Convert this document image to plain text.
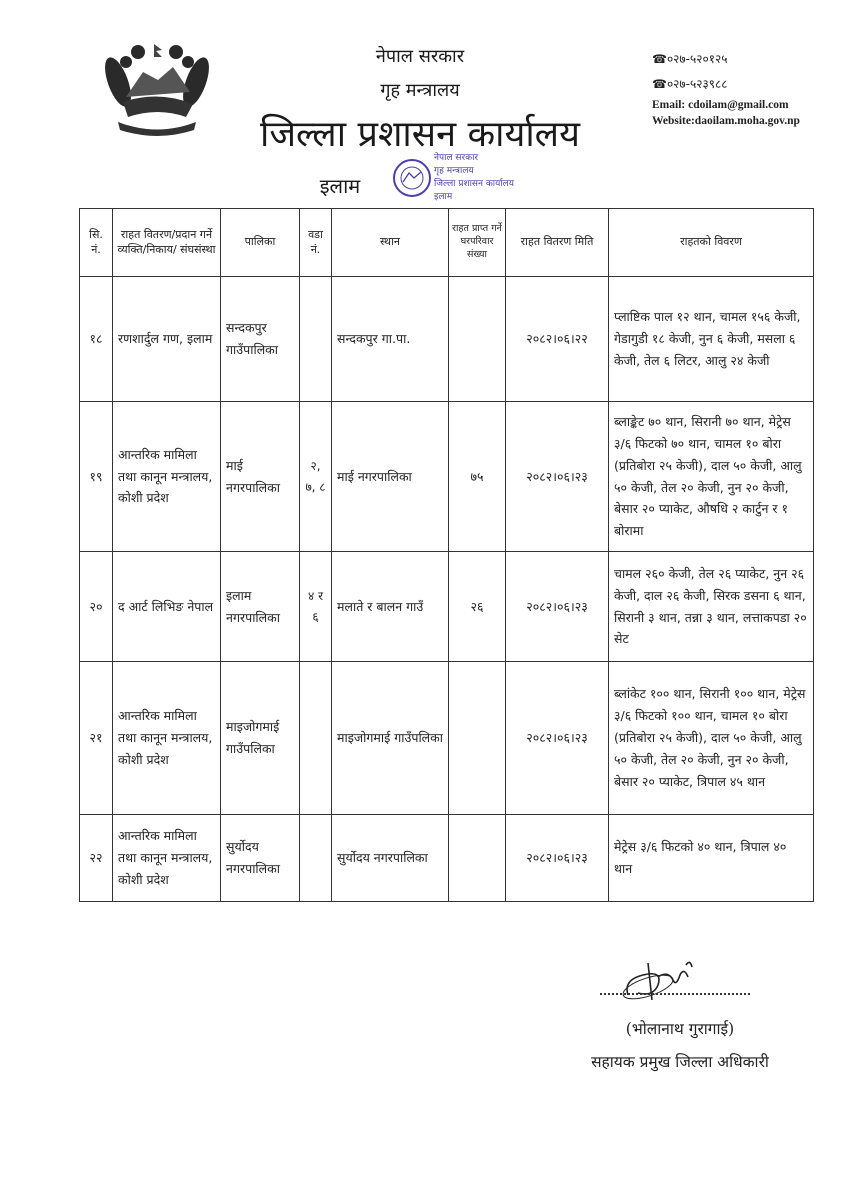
नेपाल सरकार
गृह मन्त्रालय
जिल्ला प्रशासन कार्यालय
इलाम
☎०२७-५२०१२५
☎०२७-५२३९८८
Email: cdoilam@gmail.com
Website:daoilam.moha.gov.np
नेपाल सरकार
गृह मन्त्रालय
जिल्ला प्रशासन कार्यालय
इलाम
सि. नं.	राहत वितरण/प्रदान गर्ने व्यक्ति/निकाय/ संघसंस्था	पालिका	वडा नं.	स्थान	राहत प्राप्त गर्ने घरपरिवार संख्या	राहत वितरण मिति	राहतको विवरण
१८	रणशार्दुल गण, इलाम	सन्दकपुर गाउँपालिका		सन्दकपुर गा.पा.		२०८२।०६।२२	प्लाष्टिक पाल १२ थान, चामल १५६ केजी, गेडागुडी १८ केजी, नुन ६ केजी, मसला ६ केजी, तेल ६ लिटर, आलु २४ केजी
१९	आन्तरिक मामिला तथा कानून मन्त्रालय, कोशी प्रदेश	माई नगरपालिका	२, ७, ८	माई नगरपालिका	७५	२०८२।०६।२३	ब्लाङ्केट ७० थान, सिरानी ७० थान, मेट्रेस ३/६ फिटको ७० थान, चामल १० बोरा (प्रतिबोरा २५ केजी), दाल ५० केजी, आलु ५० केजी, तेल २० केजी, नुन २० केजी, बेसार २० प्याकेट, औषधि २ कार्टुन र १ बोरामा
२०	द आर्ट लिभिङ नेपाल	इलाम नगरपालिका	४ र ६	मलाते र बालन गाउँ	२६	२०८२।०६।२३	चामल २६० केजी, तेल २६ प्याकेट, नुन २६ केजी, दाल २६ केजी, सिरक डसना ६ थान, सिरानी ३ थान, तन्ना ३ थान, लत्ताकपडा २० सेट
२१	आन्तरिक मामिला तथा कानून मन्त्रालय, कोशी प्रदेश	माइजोगमाई गाउँपलिका		माइजोगमाई गाउँपलिका		२०८२।०६।२३	ब्लांकेट १०० थान, सिरानी १०० थान, मेट्रेस ३/६ फिटको १०० थान, चामल १० बोरा (प्रतिबोरा २५ केजी), दाल ५० केजी, आलु ५० केजी, तेल २० केजी, नुन २० केजी, बेसार २० प्याकेट, त्रिपाल ४५ थान
२२	आन्तरिक मामिला तथा कानून मन्त्रालय, कोशी प्रदेश	सुर्योदय नगरपालिका		सुर्योदय नगरपालिका		२०८२।०६।२३	मेट्रेस ३/६ फिटको ४० थान, त्रिपाल ४० थान
(भोलानाथ गुरागाई)
सहायक प्रमुख जिल्ला अधिकारी
